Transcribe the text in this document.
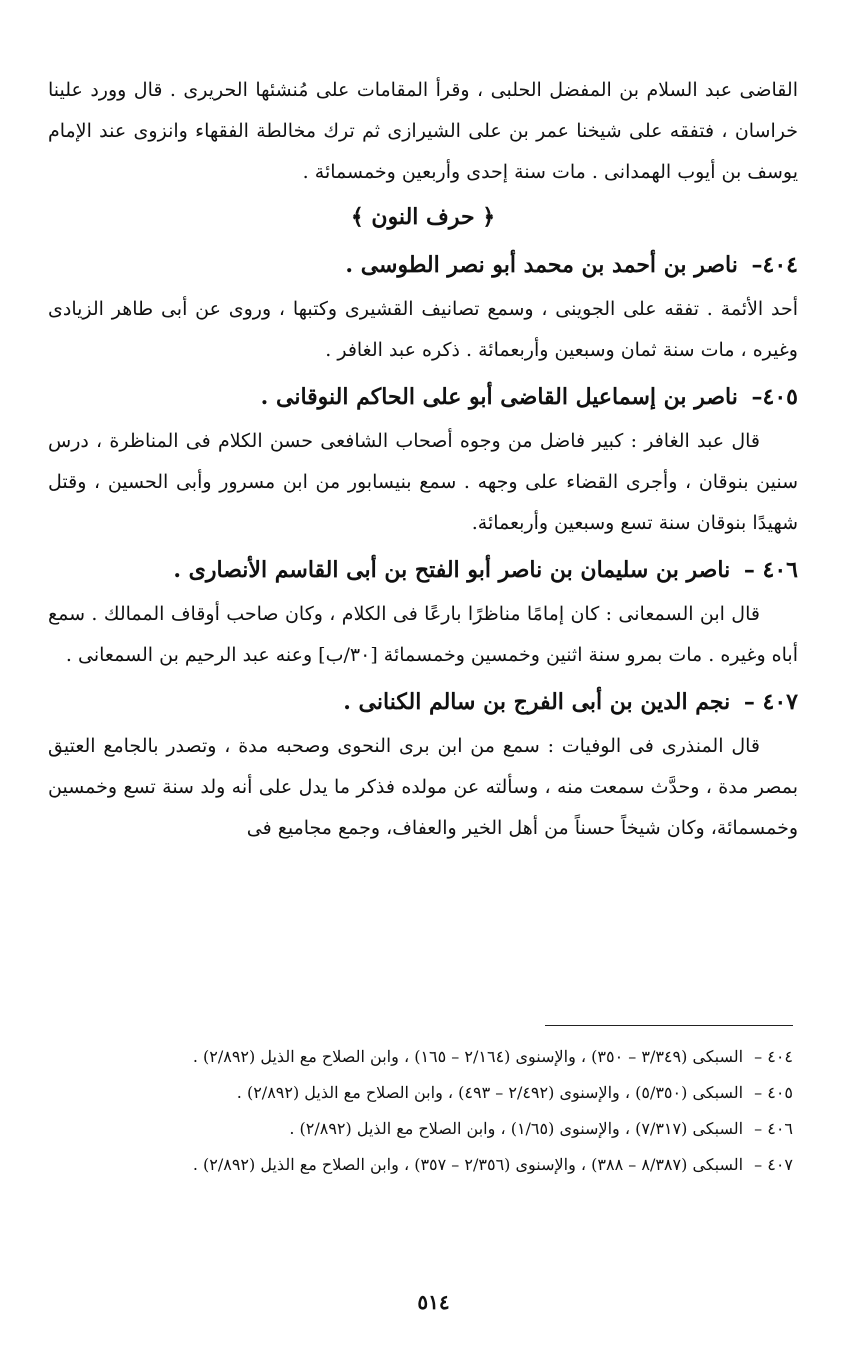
القاضى عبد السلام بن المفضل الحلبى ، وقرأ المقامات على مُنشئها الحريرى . قال وورد علينا خراسان ، فتفقه على شيخنا عمر بن على الشيرازى ثم ترك مخالطة الفقهاء وانزوى عند الإمام يوسف بن أيوب الهمدانى . مات سنة إحدى وأربعين وخمسمائة .

﴿ حرف النون ﴾
٤٠٤– ناصر بن أحمد بن محمد أبو نصر الطوسى .

أحد الأئمة . تفقه على الجوينى ، وسمع تصانيف القشيرى وكتبها ، وروى عن أبى طاهر الزيادى وغيره ، مات سنة ثمان وسبعين وأربعمائة . ذكره عبد الغافر .

٤٠٥– ناصر بن إسماعيل القاضى أبو على الحاكم النوقانى .

قال عبد الغافر : كبير فاضل من وجوه أصحاب الشافعى حسن الكلام فى المناظرة ، درس سنين بنوقان ، وأجرى القضاء على وجهه . سمع بنيسابور من ابن مسرور وأبى الحسين ، وقتل شهيدًا بنوقان سنة تسع وسبعين وأربعمائة.

٤٠٦ – ناصر بن سليمان بن ناصر أبو الفتح بن أبى القاسم الأنصارى .

قال ابن السمعانى : كان إمامًا مناظرًا بارعًا فى الكلام ، وكان صاحب أوقاف الممالك . سمع أباه وغيره . مات بمرو سنة اثنين وخمسين وخمسمائة [٣٠/ب] وعنه عبد الرحيم بن السمعانى .

٤٠٧ – نجم الدين بن أبى الفرج بن سالم الكنانى .

قال المنذرى فى الوفيات : سمع من ابن برى النحوى وصحبه مدة ، وتصدر بالجامع العتيق بمصر مدة ، وحدَّث سمعت منه ، وسألته عن مولده فذكر ما يدل على أنه ولد سنة تسع وخمسين وخمسمائة، وكان شيخاً حسناً من أهل الخير والعفاف، وجمع مجاميع فى

٤٠٤ – السبكى (٣/٣٤٩ – ٣٥٠) ، والإسنوى (٢/١٦٤ – ١٦٥) ، وابن الصلاح مع الذيل (٢/٨٩٢) .

٤٠٥ – السبكى (٥/٣٥٠) ، والإسنوى (٢/٤٩٢ – ٤٩٣) ، وابن الصلاح مع الذيل (٢/٨٩٢) .

٤٠٦ – السبكى (٧/٣١٧) ، والإسنوى (١/٦٥) ، وابن الصلاح مع الذيل (٢/٨٩٢) .

٤٠٧ – السبكى (٨/٣٨٧ – ٣٨٨) ، والإسنوى (٢/٣٥٦ – ٣٥٧) ، وابن الصلاح مع الذيل (٢/٨٩٢) .

٥١٤
